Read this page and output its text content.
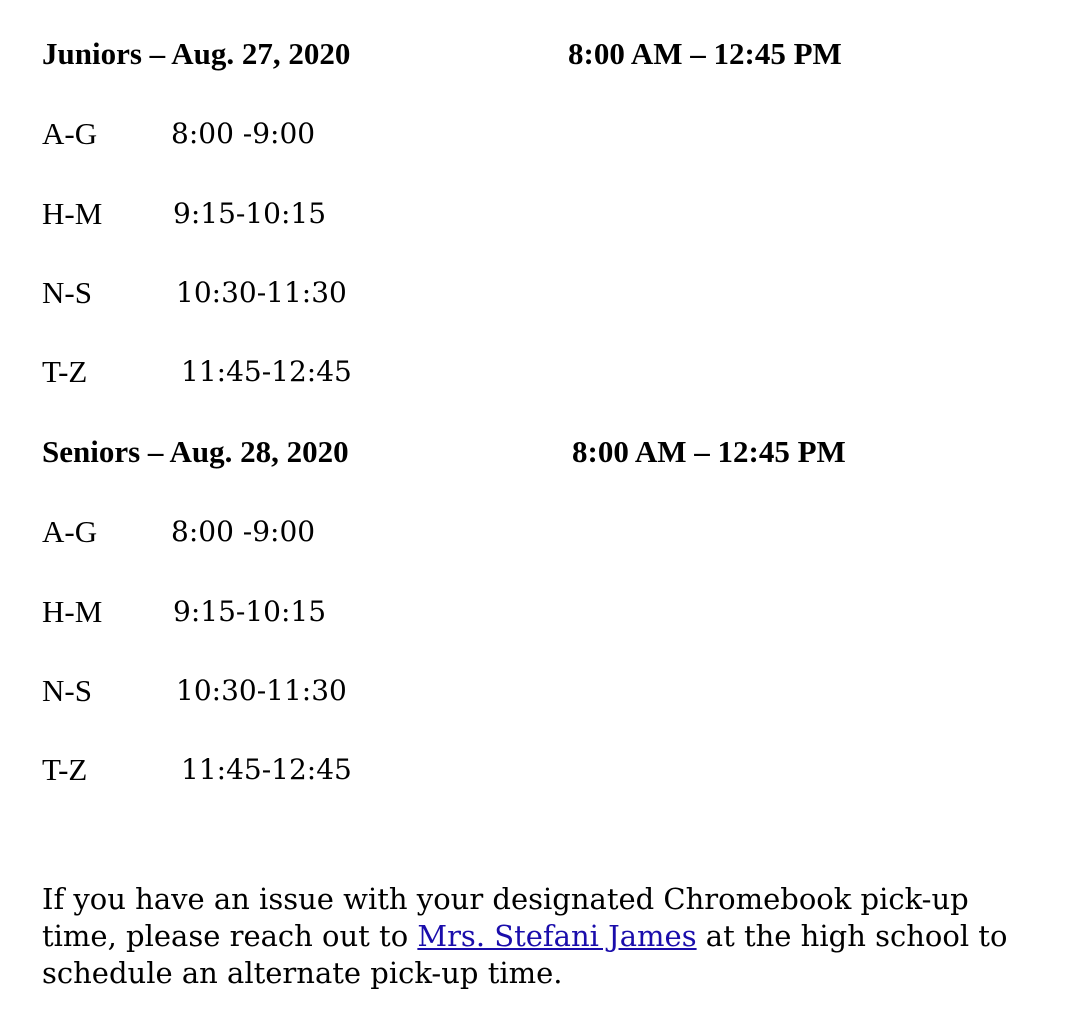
Juniors – Aug. 27, 2020	8:00 AM – 12:45 PM
A-G	8:00 -9:00
H-M	9:15-10:15
N-S	10:30-11:30
T-Z	11:45-12:45
Seniors – Aug. 28, 2020	8:00 AM – 12:45 PM
A-G	8:00 -9:00
H-M	9:15-10:15
N-S	10:30-11:30
T-Z	11:45-12:45

If you have an issue with your designated Chromebook pick-up time, please reach out to Mrs. Stefani James at the high school to schedule an alternate pick-up time.
